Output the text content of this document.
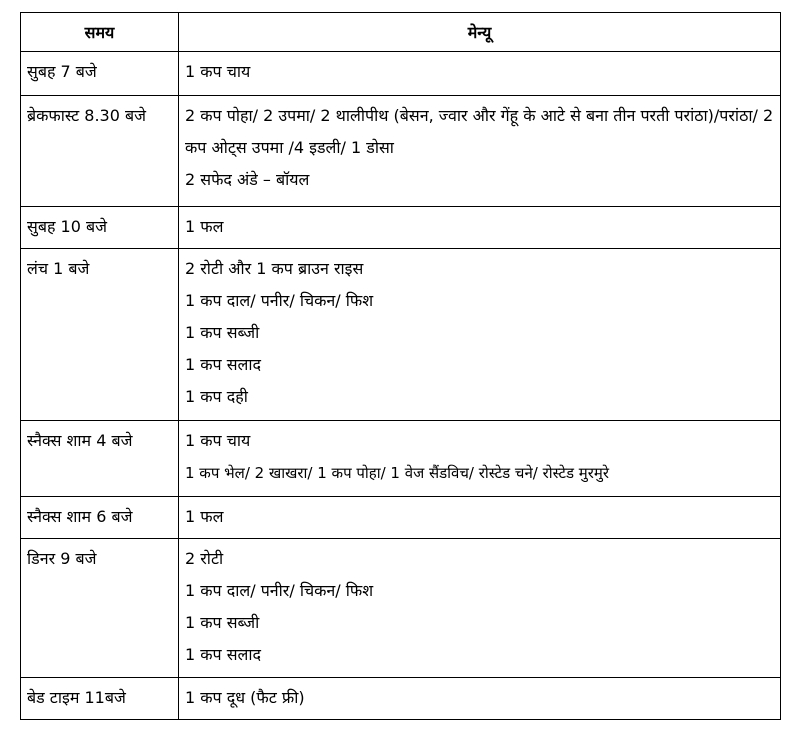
समय	मेन्यू
सुबह 7 बजे	1 कप चाय

ब्रेकफास्ट 8.30 बजे	2 कप पोहा/ 2 उपमा/ 2 थालीपीथ (बेसन, ज्वार और गेंहू के आटे से बना तीन परती परांठा)/परांठा/ 2 कप ओट्स उपमा /4 इडली/ 1 डोसा
2 सफेद अंडे – बॉयल

सुबह 10 बजे	1 फल

लंच 1 बजे	2 रोटी और 1 कप ब्राउन राइस
1 कप दाल/ पनीर/ चिकन/ फिश
1 कप सब्जी
1 कप सलाद
1 कप दही

स्नैक्स शाम 4 बजे	1 कप चाय
1 कप भेल/ 2 खाखरा/ 1 कप पोहा/ 1 वेज सैंडविच/ रोस्टेड चने/ रोस्टेड मुरमुरे

स्नैक्स शाम 6 बजे	1 फल

डिनर 9 बजे	2 रोटी
1 कप दाल/ पनीर/ चिकन/ फिश
1 कप सब्जी
1 कप सलाद

बेड टाइम 11बजे	1 कप दूध (फैट फ्री)
